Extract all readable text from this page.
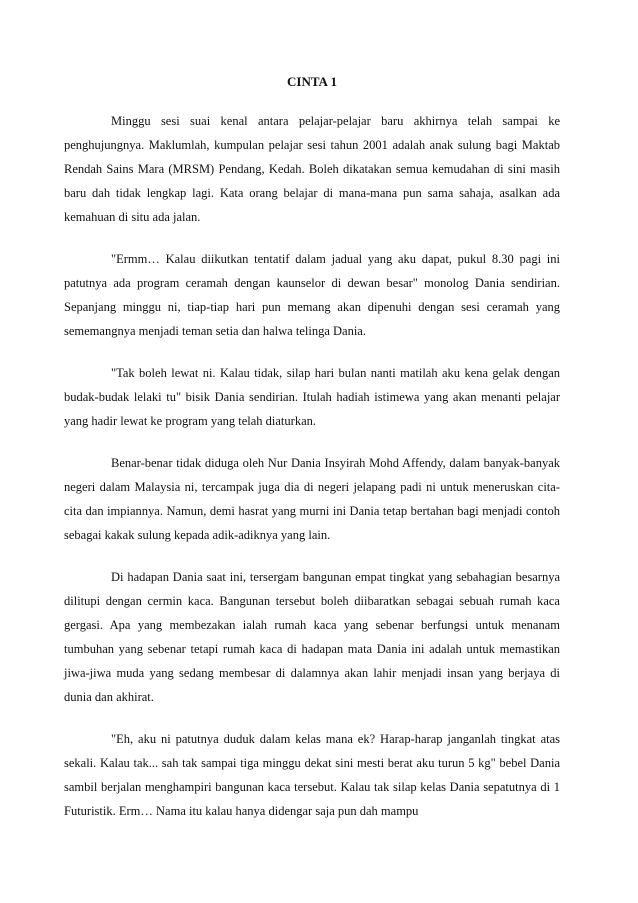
CINTA 1

Minggu sesi suai kenal antara pelajar-pelajar baru akhirnya telah sampai ke penghujungnya. Maklumlah, kumpulan pelajar sesi tahun 2001 adalah anak sulung bagi Maktab Rendah Sains Mara (MRSM) Pendang, Kedah. Boleh dikatakan semua kemudahan di sini masih baru dah tidak lengkap lagi. Kata orang belajar di mana-mana pun sama sahaja, asalkan ada kemahuan di situ ada jalan.

"Ermm… Kalau diikutkan tentatif dalam jadual yang aku dapat, pukul 8.30 pagi ini patutnya ada program ceramah dengan kaunselor di dewan besar" monolog Dania sendirian. Sepanjang minggu ni, tiap-tiap hari pun memang akan dipenuhi dengan sesi ceramah yang sememangnya menjadi teman setia dan halwa telinga Dania.

"Tak boleh lewat ni. Kalau tidak, silap hari bulan nanti matilah aku kena gelak dengan budak-budak lelaki tu" bisik Dania sendirian. Itulah hadiah istimewa yang akan menanti pelajar yang hadir lewat ke program yang telah diaturkan.

Benar-benar tidak diduga oleh Nur Dania Insyirah Mohd Affendy, dalam banyak-banyak negeri dalam Malaysia ni, tercampak juga dia di negeri jelapang padi ni untuk meneruskan cita-cita dan impiannya. Namun, demi hasrat yang murni ini Dania tetap bertahan bagi menjadi contoh sebagai kakak sulung kepada adik-adiknya yang lain.

Di hadapan Dania saat ini, tersergam bangunan empat tingkat yang sebahagian besarnya dilitupi dengan cermin kaca. Bangunan tersebut boleh diibaratkan sebagai sebuah rumah kaca gergasi. Apa yang membezakan ialah rumah kaca yang sebenar berfungsi untuk menanam tumbuhan yang sebenar tetapi rumah kaca di hadapan mata Dania ini adalah untuk memastikan jiwa-jiwa muda yang sedang membesar di dalamnya akan lahir menjadi insan yang berjaya di dunia dan akhirat.

"Eh, aku ni patutnya duduk dalam kelas mana ek? Harap-harap janganlah tingkat atas sekali. Kalau tak... sah tak sampai tiga minggu dekat sini mesti berat aku turun 5 kg" bebel Dania sambil berjalan menghampiri bangunan kaca tersebut. Kalau tak silap kelas Dania sepatutnya di 1 Futuristik. Erm… Nama itu kalau hanya didengar saja pun dah mampu
